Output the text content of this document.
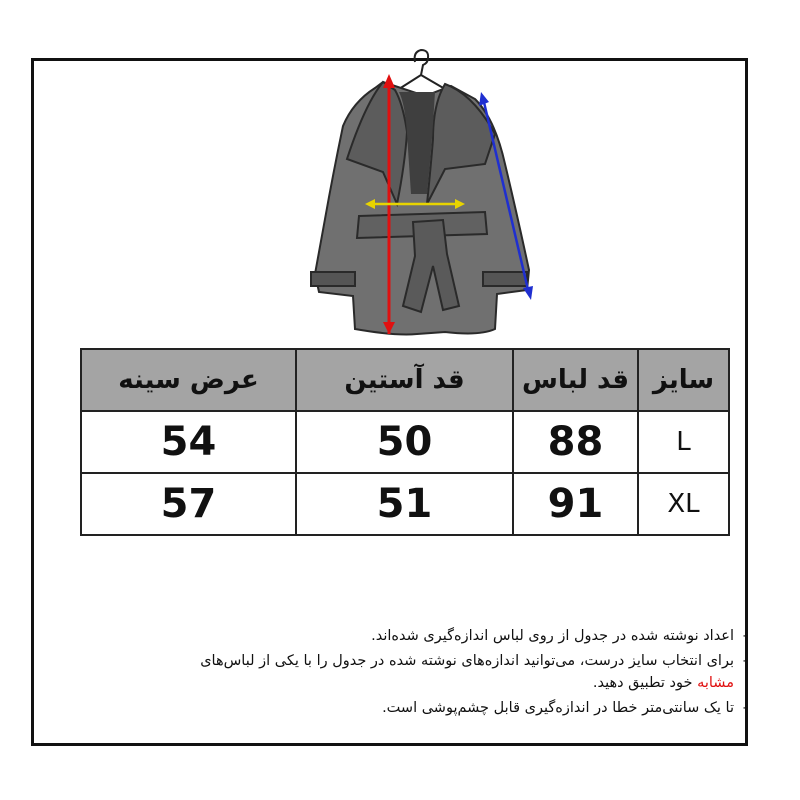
عرض سینه	قد آستین	قد لباس	سایز
54	50	88	L
57	51	91	XL
-
اعداد نوشته شده در جدول از روی لباس اندازه‌گیری شده‌اند.
-
برای انتخاب سایز درست، می‌توانید اندازه‌های نوشته شده در جدول را با یکی از لباس‌های
مشابه خود تطبیق دهید.
-
تا یک سانتی‌متر خطا در اندازه‌گیری قابل چشم‌پوشی است.
